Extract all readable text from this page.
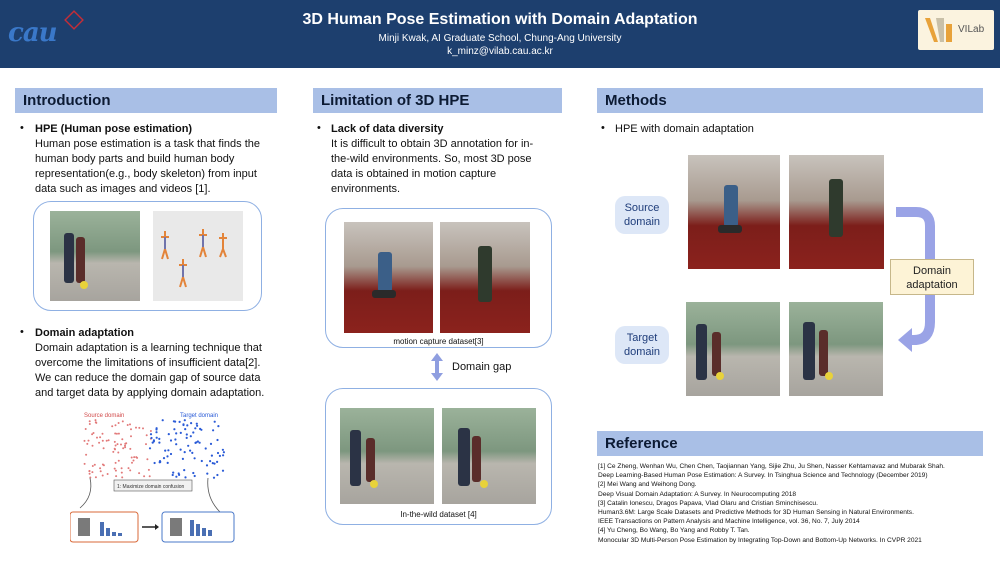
cau	3D Human Pose Estimation with Domain Adaptation
Minji Kwak, AI Graduate School, Chung-Ang University
k_minz@vilab.cau.ac.kr
VILab
Introduction
• HPE (Human pose estimation)
Human pose estimation is a task that finds the
human body parts and build human body
representation(e.g., body skeleton) from input
data such as images and videos [1].
• Domain adaptation
Domain adaptation is a learning technique that
overcome the limitations of insufficient data[2].
We can reduce the domain gap of source data
and target data by applying domain adaptation.
Source domain	Target domain
1: Maximize domain confusion
Limitation of 3D HPE
• Lack of data diversity
It is difficult to obtain 3D annotation for in-
the-wild environments. So, most 3D pose
data is obtained in motion capture
environments.
motion capture dataset[3]
Domain gap
In-the-wild dataset [4]
Methods
• HPE with domain adaptation
Source
domain
Domain
adaptation
Target
domain
Reference
[1] Ce Zheng, Wenhan Wu, Chen Chen, Taojiannan Yang, Sijie Zhu, Ju Shen, Nasser Kehtarnavaz and Mubarak Shah.
Deep Learning-Based Human Pose Estimation: A Survey. In Tsinghua Science and Technology (December 2019)
[2] Mei Wang and Weihong Dong.
Deep Visual Domain Adaptation: A Survey. In Neurocomputing 2018
[3] Catalin Ionescu, Dragos Papava, Vlad Olaru and Cristian Sminchisescu.
Human3.6M: Large Scale Datasets and Predictive Methods for 3D Human Sensing in Natural Environments.
IEEE Transactions on Pattern Analysis and Machine Intelligence, vol. 36, No. 7, July 2014
[4] Yu Cheng, Bo Wang, Bo Yang and Robby T. Tan.
Monocular 3D Multi-Person Pose Estimation by Integrating Top-Down and Bottom-Up Networks. In CVPR 2021
